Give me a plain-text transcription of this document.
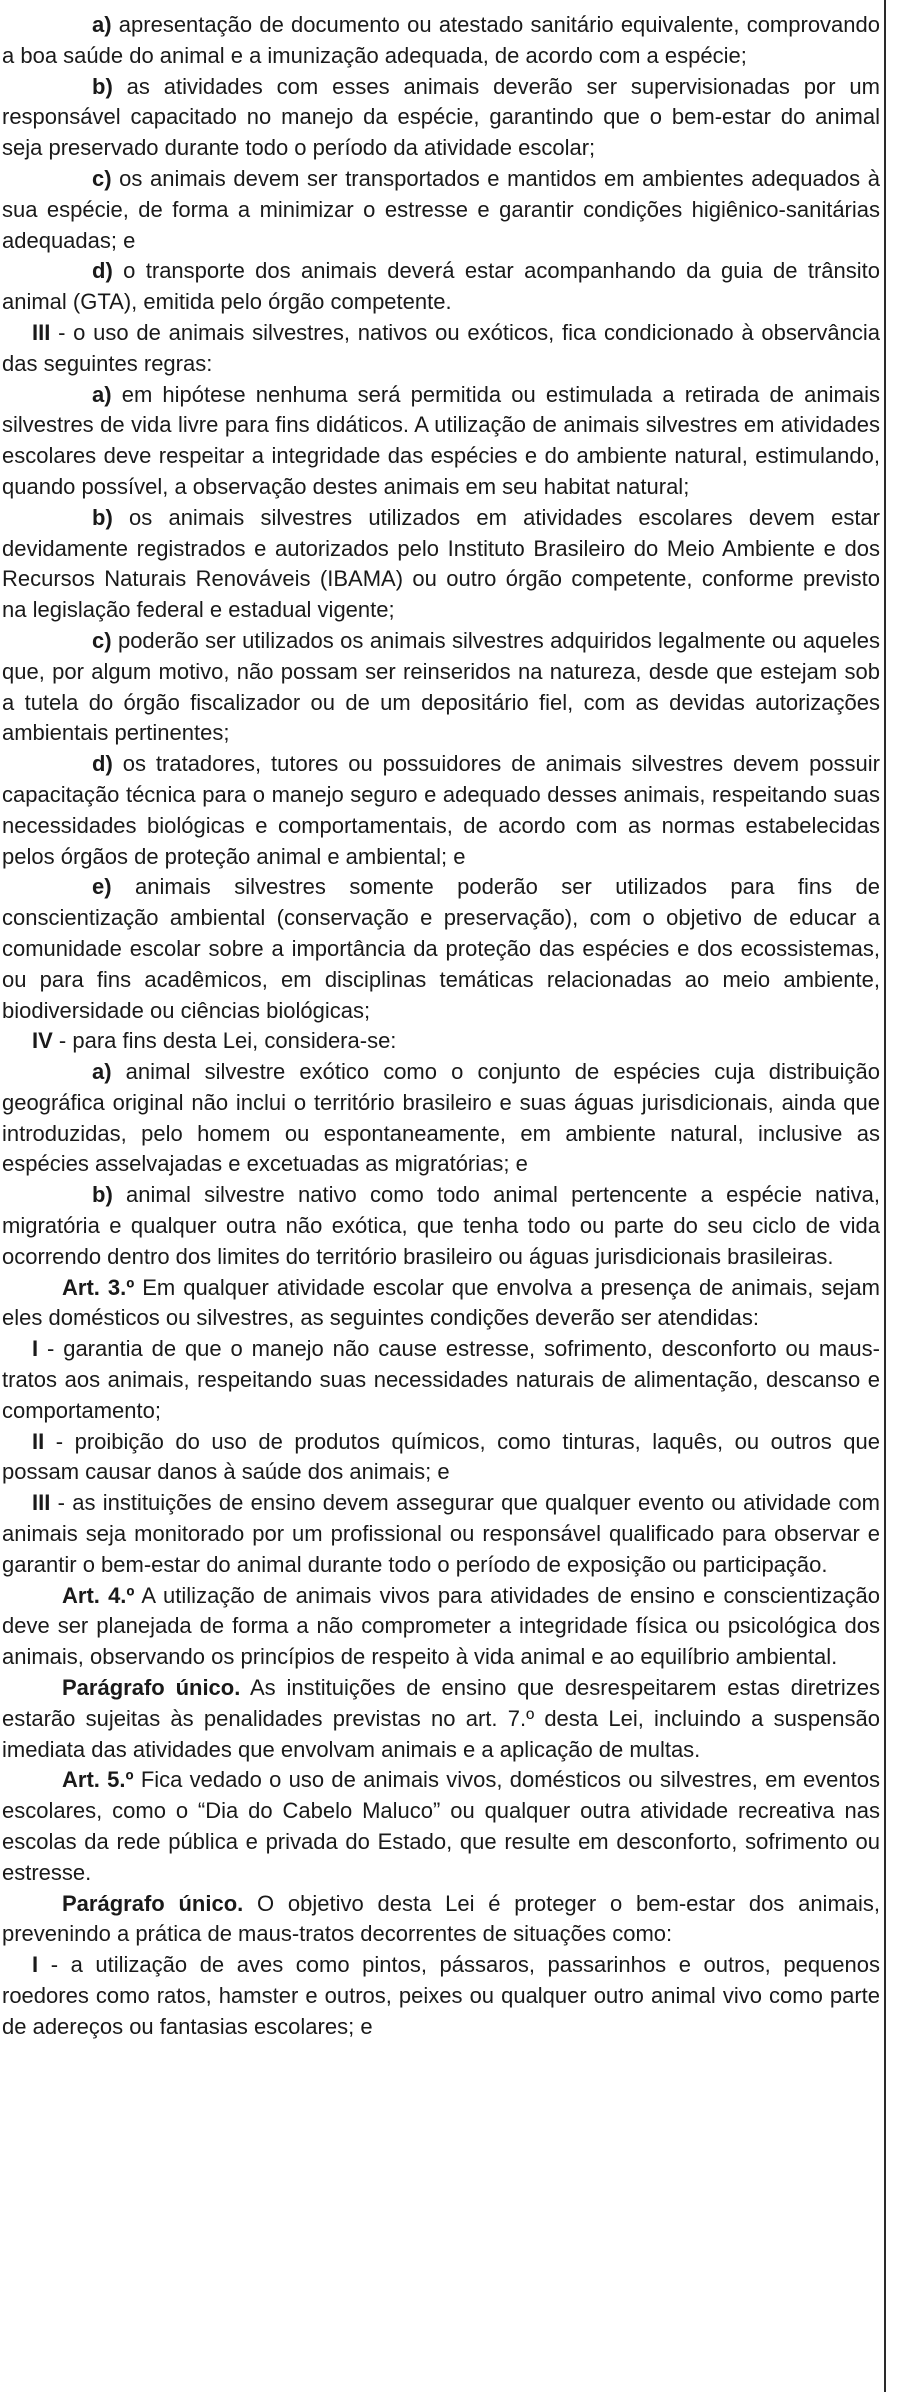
a) apresentação de documento ou atestado sanitário equivalente, comprovando a boa saúde do animal e a imunização adequada, de acordo com a espécie;

b) as atividades com esses animais deverão ser supervisionadas por um responsável capacitado no manejo da espécie, garantindo que o bem-estar do animal seja preservado durante todo o período da atividade escolar;

c) os animais devem ser transportados e mantidos em ambientes adequados à sua espécie, de forma a minimizar o estresse e garantir condições higiênico-sanitárias adequadas; e

d) o transporte dos animais deverá estar acompanhando da guia de trânsito animal (GTA), emitida pelo órgão competente.

III - o uso de animais silvestres, nativos ou exóticos, fica condicionado à observância das seguintes regras:

a) em hipótese nenhuma será permitida ou estimulada a retirada de animais silvestres de vida livre para fins didáticos. A utilização de animais silvestres em atividades escolares deve respeitar a integridade das espécies e do ambiente natural, estimulando, quando possível, a observação destes animais em seu habitat natural;

b) os animais silvestres utilizados em atividades escolares devem estar devidamente registrados e autorizados pelo Instituto Brasileiro do Meio Ambiente e dos Recursos Naturais Renováveis (IBAMA) ou outro órgão competente, conforme previsto na legislação federal e estadual vigente;

c) poderão ser utilizados os animais silvestres adquiridos legalmente ou aqueles que, por algum motivo, não possam ser reinseridos na natureza, desde que estejam sob a tutela do órgão fiscalizador ou de um depositário fiel, com as devidas autorizações ambientais pertinentes;

d) os tratadores, tutores ou possuidores de animais silvestres devem possuir capacitação técnica para o manejo seguro e adequado desses animais, respeitando suas necessidades biológicas e comportamentais, de acordo com as normas estabelecidas pelos órgãos de proteção animal e ambiental; e

e) animais silvestres somente poderão ser utilizados para fins de conscientização ambiental (conservação e preservação), com o objetivo de educar a comunidade escolar sobre a importância da proteção das espécies e dos ecossistemas, ou para fins acadêmicos, em disciplinas temáticas relacionadas ao meio ambiente, biodiversidade ou ciências biológicas;

IV - para fins desta Lei, considera-se:

a) animal silvestre exótico como o conjunto de espécies cuja distribuição geográfica original não inclui o território brasileiro e suas águas jurisdicionais, ainda que introduzidas, pelo homem ou espontaneamente, em ambiente natural, inclusive as espécies asselvajadas e excetuadas as migratórias; e

b) animal silvestre nativo como todo animal pertencente a espécie nativa, migratória e qualquer outra não exótica, que tenha todo ou parte do seu ciclo de vida ocorrendo dentro dos limites do território brasileiro ou águas jurisdicionais brasileiras.

Art. 3.º Em qualquer atividade escolar que envolva a presença de animais, sejam eles domésticos ou silvestres, as seguintes condições deverão ser atendidas:

I - garantia de que o manejo não cause estresse, sofrimento, desconforto ou maus-tratos aos animais, respeitando suas necessidades naturais de alimentação, descanso e comportamento;

II - proibição do uso de produtos químicos, como tinturas, laquês, ou outros que possam causar danos à saúde dos animais; e

III - as instituições de ensino devem assegurar que qualquer evento ou atividade com animais seja monitorado por um profissional ou responsável qualificado para observar e garantir o bem-estar do animal durante todo o período de exposição ou participação.

Art. 4.º A utilização de animais vivos para atividades de ensino e conscientização deve ser planejada de forma a não comprometer a integridade física ou psicológica dos animais, observando os princípios de respeito à vida animal e ao equilíbrio ambiental.

Parágrafo único. As instituições de ensino que desrespeitarem estas diretrizes estarão sujeitas às penalidades previstas no art. 7.º desta Lei, incluindo a suspensão imediata das atividades que envolvam animais e a aplicação de multas.

Art. 5.º Fica vedado o uso de animais vivos, domésticos ou silvestres, em eventos escolares, como o “Dia do Cabelo Maluco” ou qualquer outra atividade recreativa nas escolas da rede pública e privada do Estado, que resulte em desconforto, sofrimento ou estresse.

Parágrafo único. O objetivo desta Lei é proteger o bem-estar dos animais, prevenindo a prática de maus-tratos decorrentes de situações como:

I - a utilização de aves como pintos, pássaros, passarinhos e outros, pequenos roedores como ratos, hamster e outros, peixes ou qualquer outro animal vivo como parte de adereços ou fantasias escolares; e
